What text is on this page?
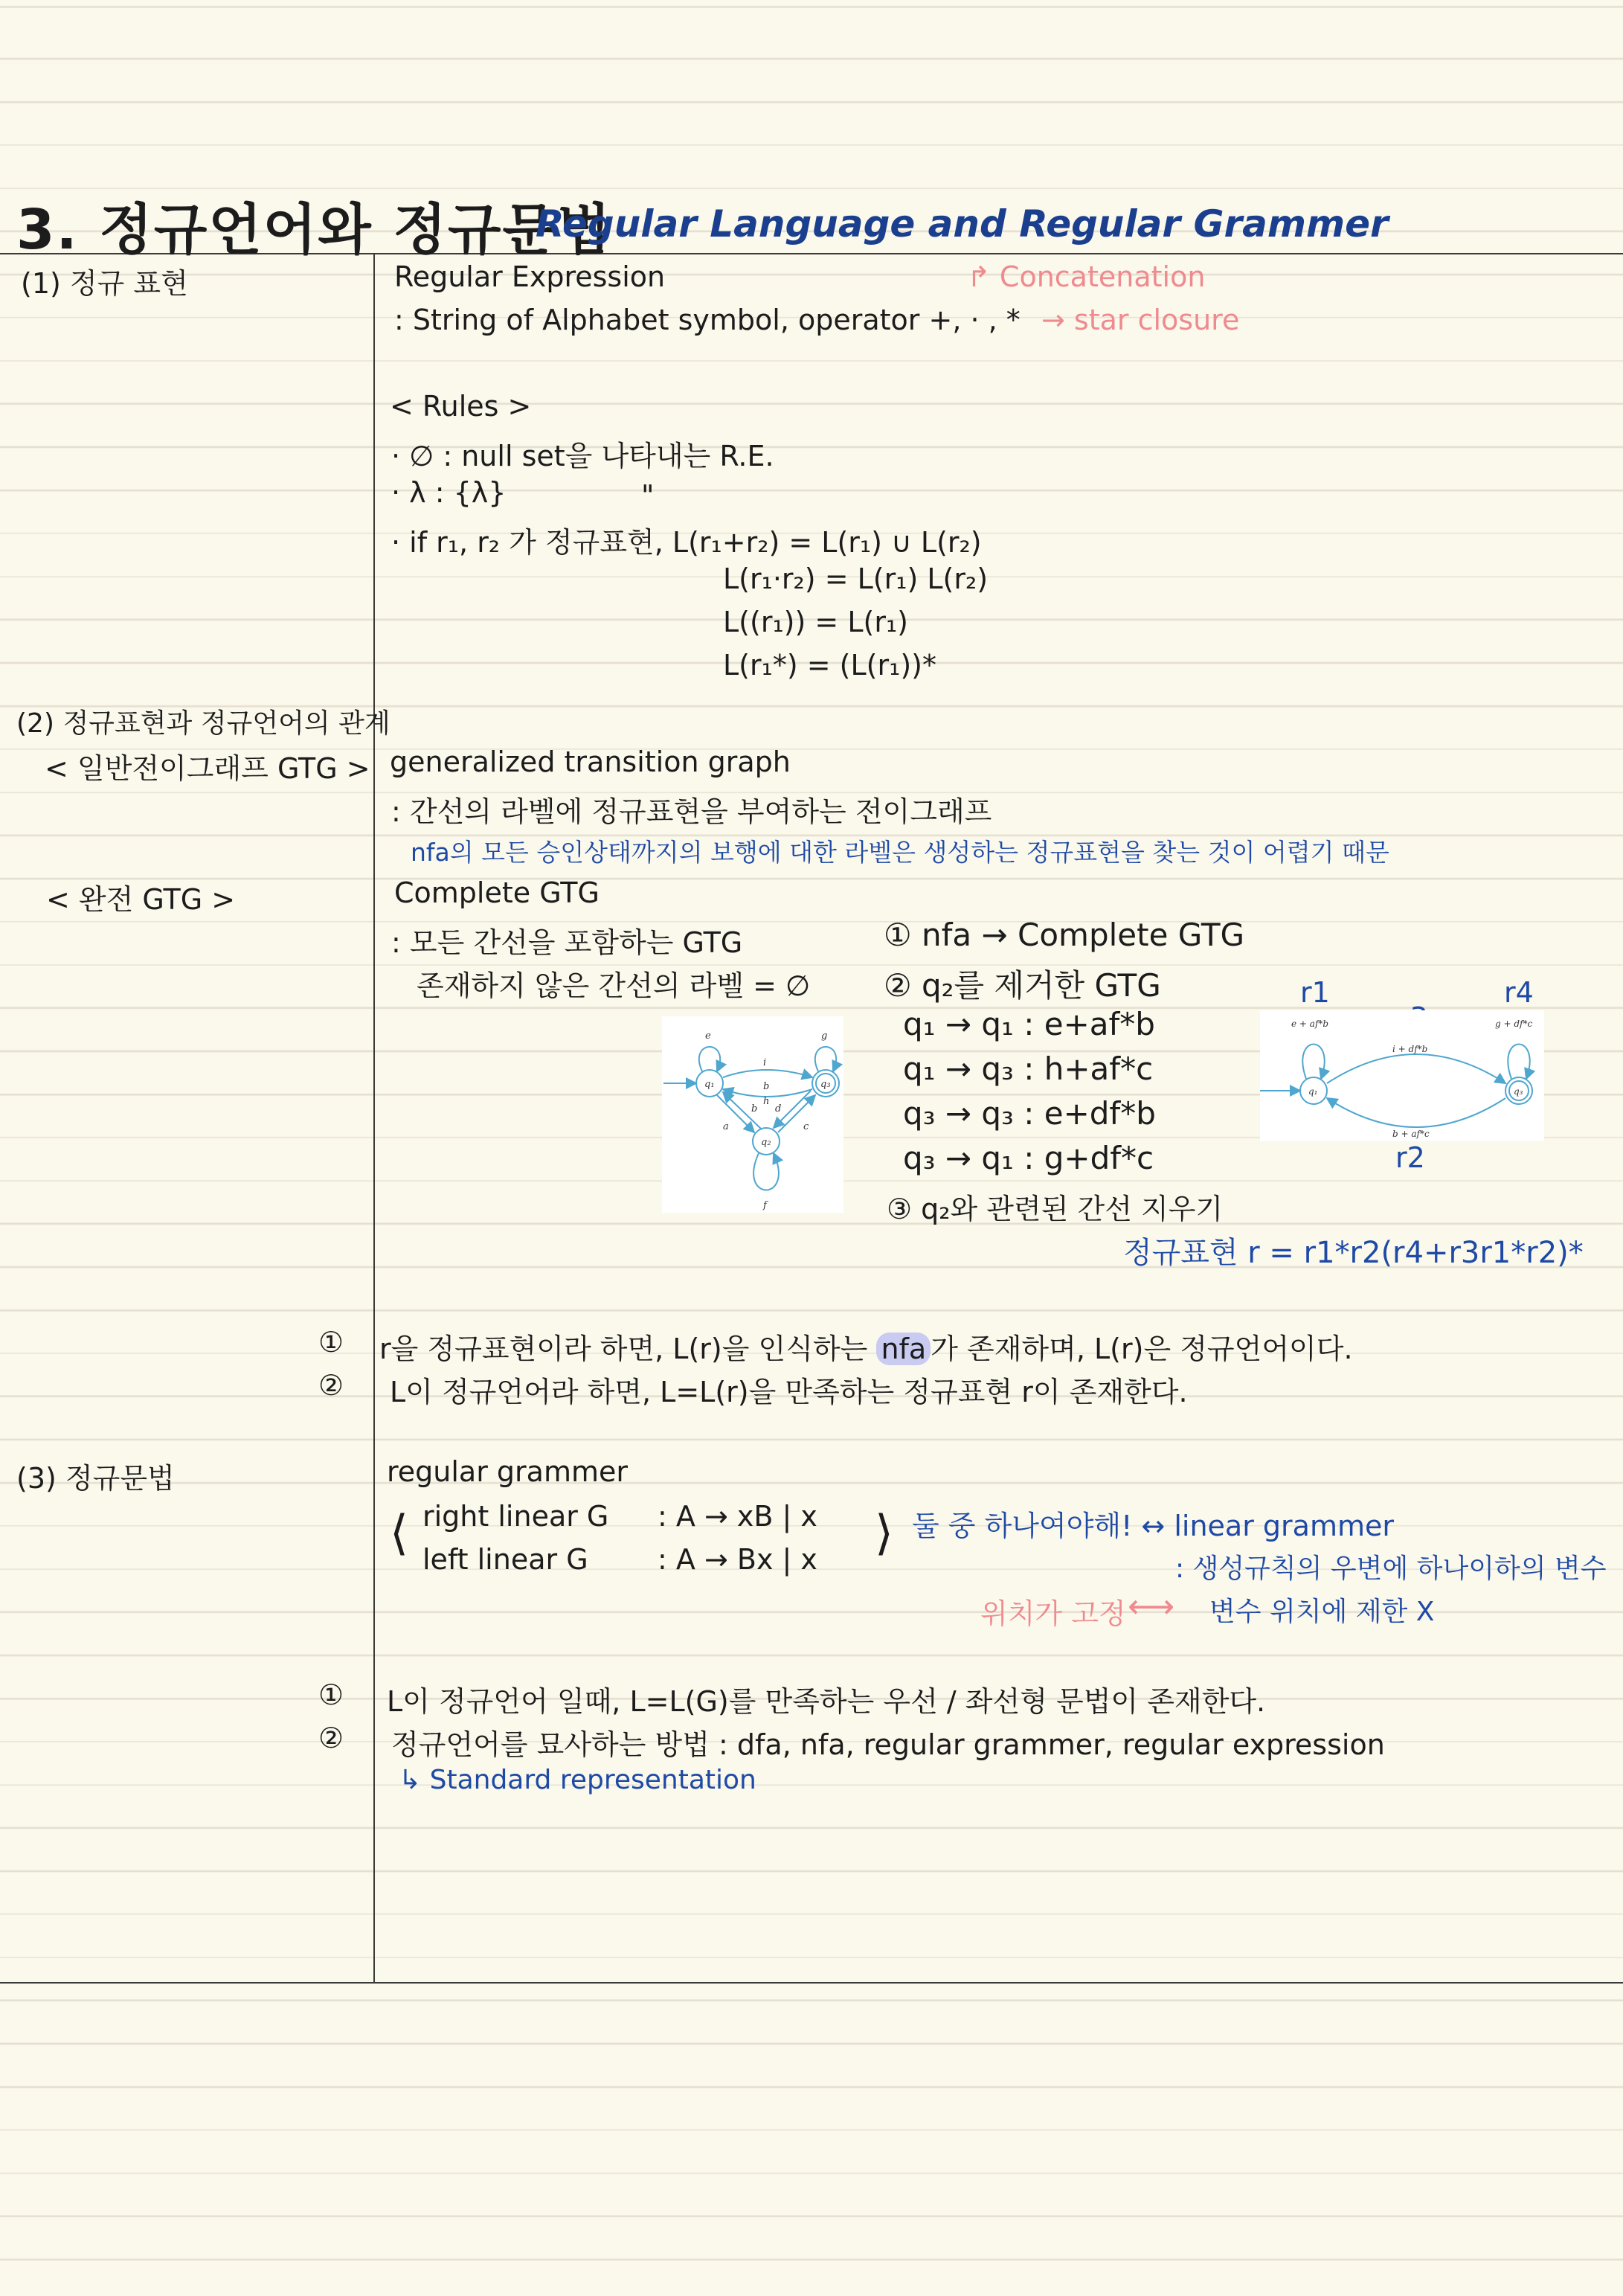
3. 정규언어와 정규문법
Regular Language and Regular Grammer
(1) 정규 표현	Regular Expression	↱ Concatenation
: String of Alphabet symbol, operator +, · , * → star closure
< Rules >
· ∅ : null set을 나타내는 R.E.
· λ : {λ}	"
· if r₁, r₂ 가 정규표현, L(r₁+r₂) = L(r₁) ∪ L(r₂)
L(r₁·r₂) = L(r₁) L(r₂)
L((r₁)) = L(r₁)
L(r₁*) = (L(r₁))*
(2) 정규표현과 정규언어의 관계
< 일반전이그래프 GTG > generalized transition graph
: 간선의 라벨에 정규표현을 부여하는 전이그래프
nfa의 모든 승인상태까지의 보행에 대한 라벨은 생성하는 정규표현을 찾는 것이 어렵기 때문
< 완전 GTG >	Complete GTG
: 모든 간선을 포함하는 GTG
존재하지 않은 간선의 라벨 = ∅
① nfa → Complete GTG
② q₂를 제거한 GTG
q₁ → q₁ : e+af*b
q₁ → q₃ : h+af*c
q₃ → q₃ : e+df*b
q₃ → q₁ : g+df*c
③ q₂와 관련된 간선 지우기
e	g
i
b
h
b d
a	c
f
q₁	q₃
q₂
r1	r4
r2
e + af*b	g + df*c
i + df*b
b + af*c
q₁	q₃
정규표현 r = r1*r2(r4+r3r1*r2)*
① r을 정규표현이라 하면, L(r)을 인식하는 nfa 가 존재하며, L(r)은 정규언어이다.
② L이 정규언어라 하면, L=L(r)을 만족하는 정규표현 r이 존재한다.
(3) 정규문법	regular grammer
⟨ right linear G : A → xB | x
left linear G : A → Bx | x ⟩ 둘 중 하나여야해! ↔ linear grammer
: 생성규칙의 우변에 하나이하의 변수
위치가 고정 ⟷ 변수 위치에 제한 X
① L이 정규언어 일때, L=L(G)를 만족하는 우선 / 좌선형 문법이 존재한다.
② 정규언어를 묘사하는 방법 : dfa, nfa, regular grammer, regular expression
↳ Standard representation
